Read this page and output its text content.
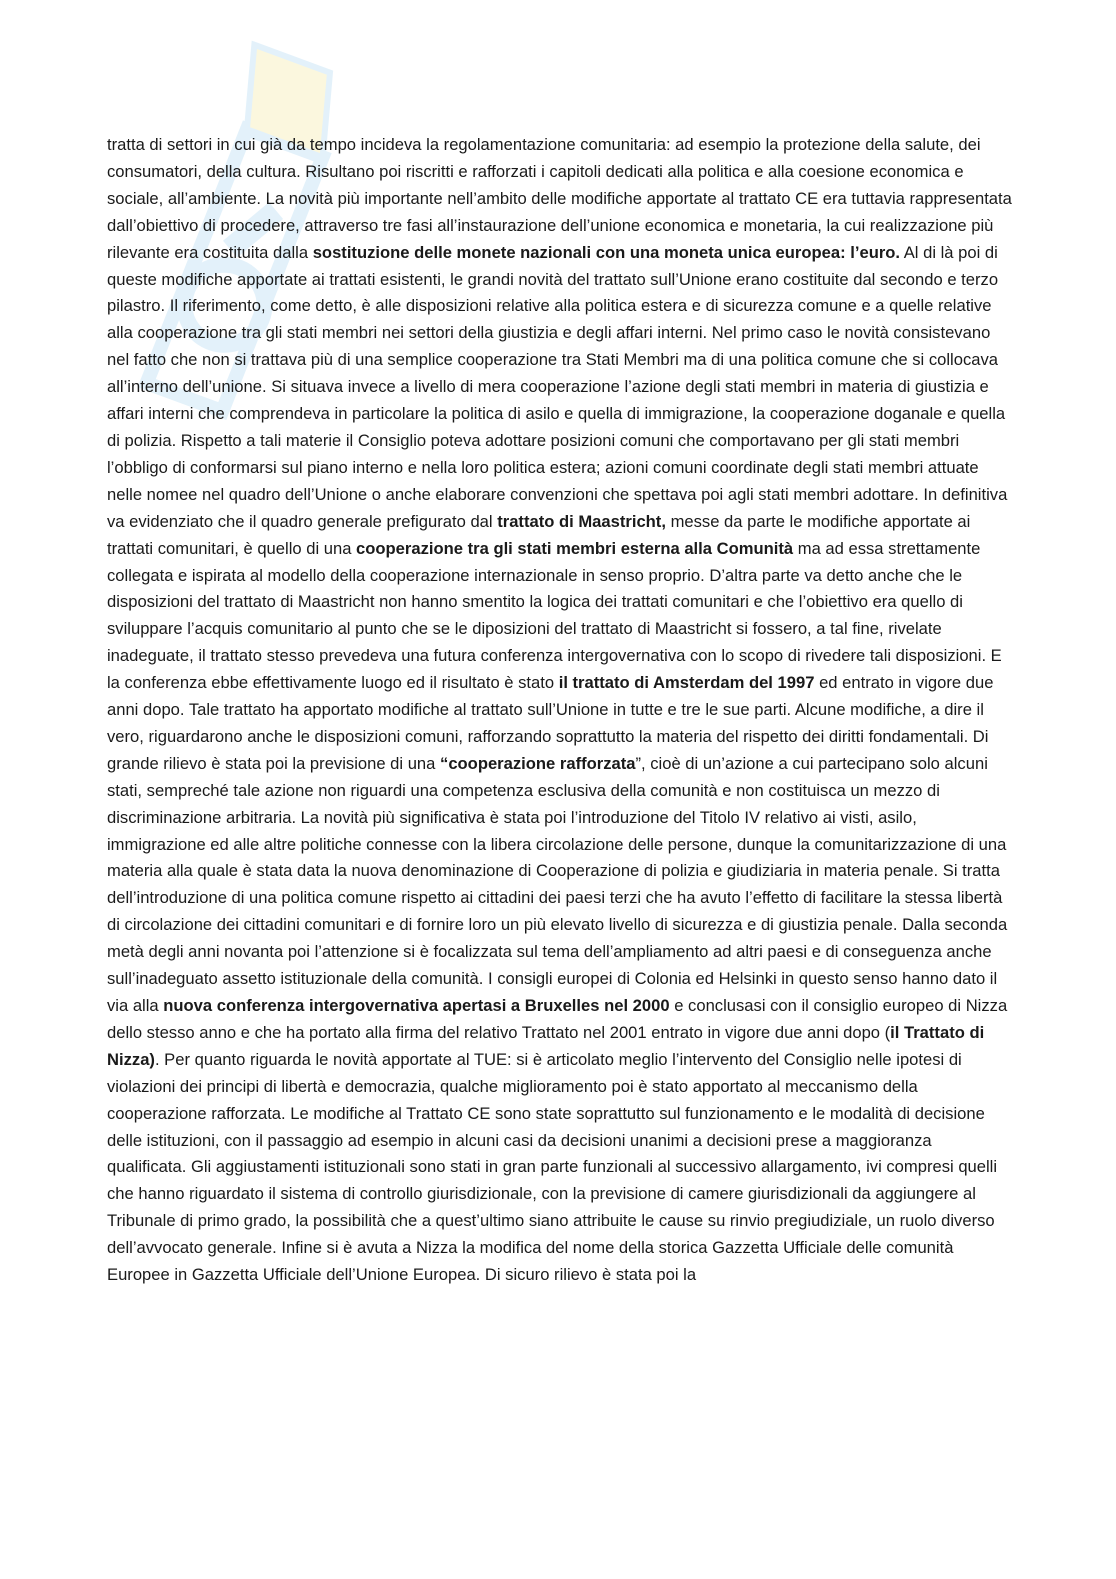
tratta di settori in cui già da tempo incideva la regolamentazione comunitaria: ad esempio la protezione della salute, dei consumatori, della cultura. Risultano poi riscritti e rafforzati i capitoli dedicati alla politica e alla coesione economica e sociale, all’ambiente. La novità più importante nell’ambito delle modifiche apportate al trattato CE era tuttavia rappresentata dall’obiettivo di procedere, attraverso tre fasi all’instaurazione dell’unione economica e monetaria, la cui realizzazione più rilevante era costituita dalla sostituzione delle monete nazionali con una moneta unica europea: l’euro. Al di là poi di queste modifiche apportate ai trattati esistenti, le grandi novità del trattato sull’Unione erano costituite dal secondo e terzo pilastro. Il riferimento, come detto, è alle disposizioni relative alla politica estera e di sicurezza comune e a quelle relative alla cooperazione tra gli stati membri nei settori della giustizia e degli affari interni. Nel primo caso le novità consistevano nel fatto che non si trattava più di una semplice cooperazione tra Stati Membri ma di una politica comune che si collocava all’interno dell’unione. Si situava invece a livello di mera cooperazione l’azione degli stati membri in materia di giustizia e affari interni che comprendeva in particolare la politica di asilo e quella di immigrazione, la cooperazione doganale e quella di polizia. Rispetto a tali materie il Consiglio poteva adottare posizioni comuni che comportavano per gli stati membri l’obbligo di conformarsi sul piano interno e nella loro politica estera; azioni comuni coordinate degli stati membri attuate nelle nomee nel quadro dell’Unione o anche elaborare convenzioni che spettava poi agli stati membri adottare. In definitiva va evidenziato che il quadro generale prefigurato dal trattato di Maastricht, messe da parte le modifiche apportate ai trattati comunitari, è quello di una cooperazione tra gli stati membri esterna alla Comunità ma ad essa strettamente collegata e ispirata al modello della cooperazione internazionale in senso proprio. D’altra parte va detto anche che le disposizioni del trattato di Maastricht non hanno smentito la logica dei trattati comunitari e che l’obiettivo era quello di sviluppare l’acquis comunitario al punto che se le diposizioni del trattato di Maastricht si fossero, a tal fine, rivelate inadeguate, il trattato stesso prevedeva una futura conferenza intergovernativa con lo scopo di rivedere tali disposizioni. E la conferenza ebbe effettivamente luogo ed il risultato è stato il trattato di Amsterdam del 1997 ed entrato in vigore due anni dopo. Tale trattato ha apportato modifiche al trattato sull’Unione in tutte e tre le sue parti. Alcune modifiche, a dire il vero, riguardarono anche le disposizioni comuni, rafforzando soprattutto la materia del rispetto dei diritti fondamentali. Di grande rilievo è stata poi la previsione di una “cooperazione rafforzata”, cioè di un’azione a cui partecipano solo alcuni stati, sempreché tale azione non riguardi una competenza esclusiva della comunità e non costituisca un mezzo di discriminazione arbitraria. La novità più significativa è stata poi l’introduzione del Titolo IV relativo ai visti, asilo, immigrazione ed alle altre politiche connesse con la libera circolazione delle persone, dunque la comunitarizzazione di una materia alla quale è stata data la nuova denominazione di Cooperazione di polizia e giudiziaria in materia penale. Si tratta dell’introduzione di una politica comune rispetto ai cittadini dei paesi terzi che ha avuto l’effetto di facilitare la stessa libertà di circolazione dei cittadini comunitari e di fornire loro un più elevato livello di sicurezza e di giustizia penale. Dalla seconda metà degli anni novanta poi l’attenzione si è focalizzata sul tema dell’ampliamento ad altri paesi e di conseguenza anche sull’inadeguato assetto istituzionale della comunità. I consigli europei di Colonia ed Helsinki in questo senso hanno dato il via alla nuova conferenza intergovernativa apertasi a Bruxelles nel 2000 e conclusasi con il consiglio europeo di Nizza dello stesso anno e che ha portato alla firma del relativo Trattato nel 2001 entrato in vigore due anni dopo (il Trattato di Nizza). Per quanto riguarda le novità apportate al TUE: si è articolato meglio l’intervento del Consiglio nelle ipotesi di violazioni dei principi di libertà e democrazia, qualche miglioramento poi è stato apportato al meccanismo della cooperazione rafforzata. Le modifiche al Trattato CE sono state soprattutto sul funzionamento e le modalità di decisione delle istituzioni, con il passaggio ad esempio in alcuni casi da decisioni unanimi a decisioni prese a maggioranza qualificata. Gli aggiustamenti istituzionali sono stati in gran parte funzionali al successivo allargamento, ivi compresi quelli che hanno riguardato il sistema di controllo giurisdizionale, con la previsione di camere giurisdizionali da aggiungere al Tribunale di primo grado, la possibilità che a quest’ultimo siano attribuite le cause su rinvio pregiudiziale, un ruolo diverso dell’avvocato generale. Infine si è avuta a Nizza la modifica del nome della storica Gazzetta Ufficiale delle comunità Europee in Gazzetta Ufficiale dell’Unione Europea. Di sicuro rilievo è stata poi la
